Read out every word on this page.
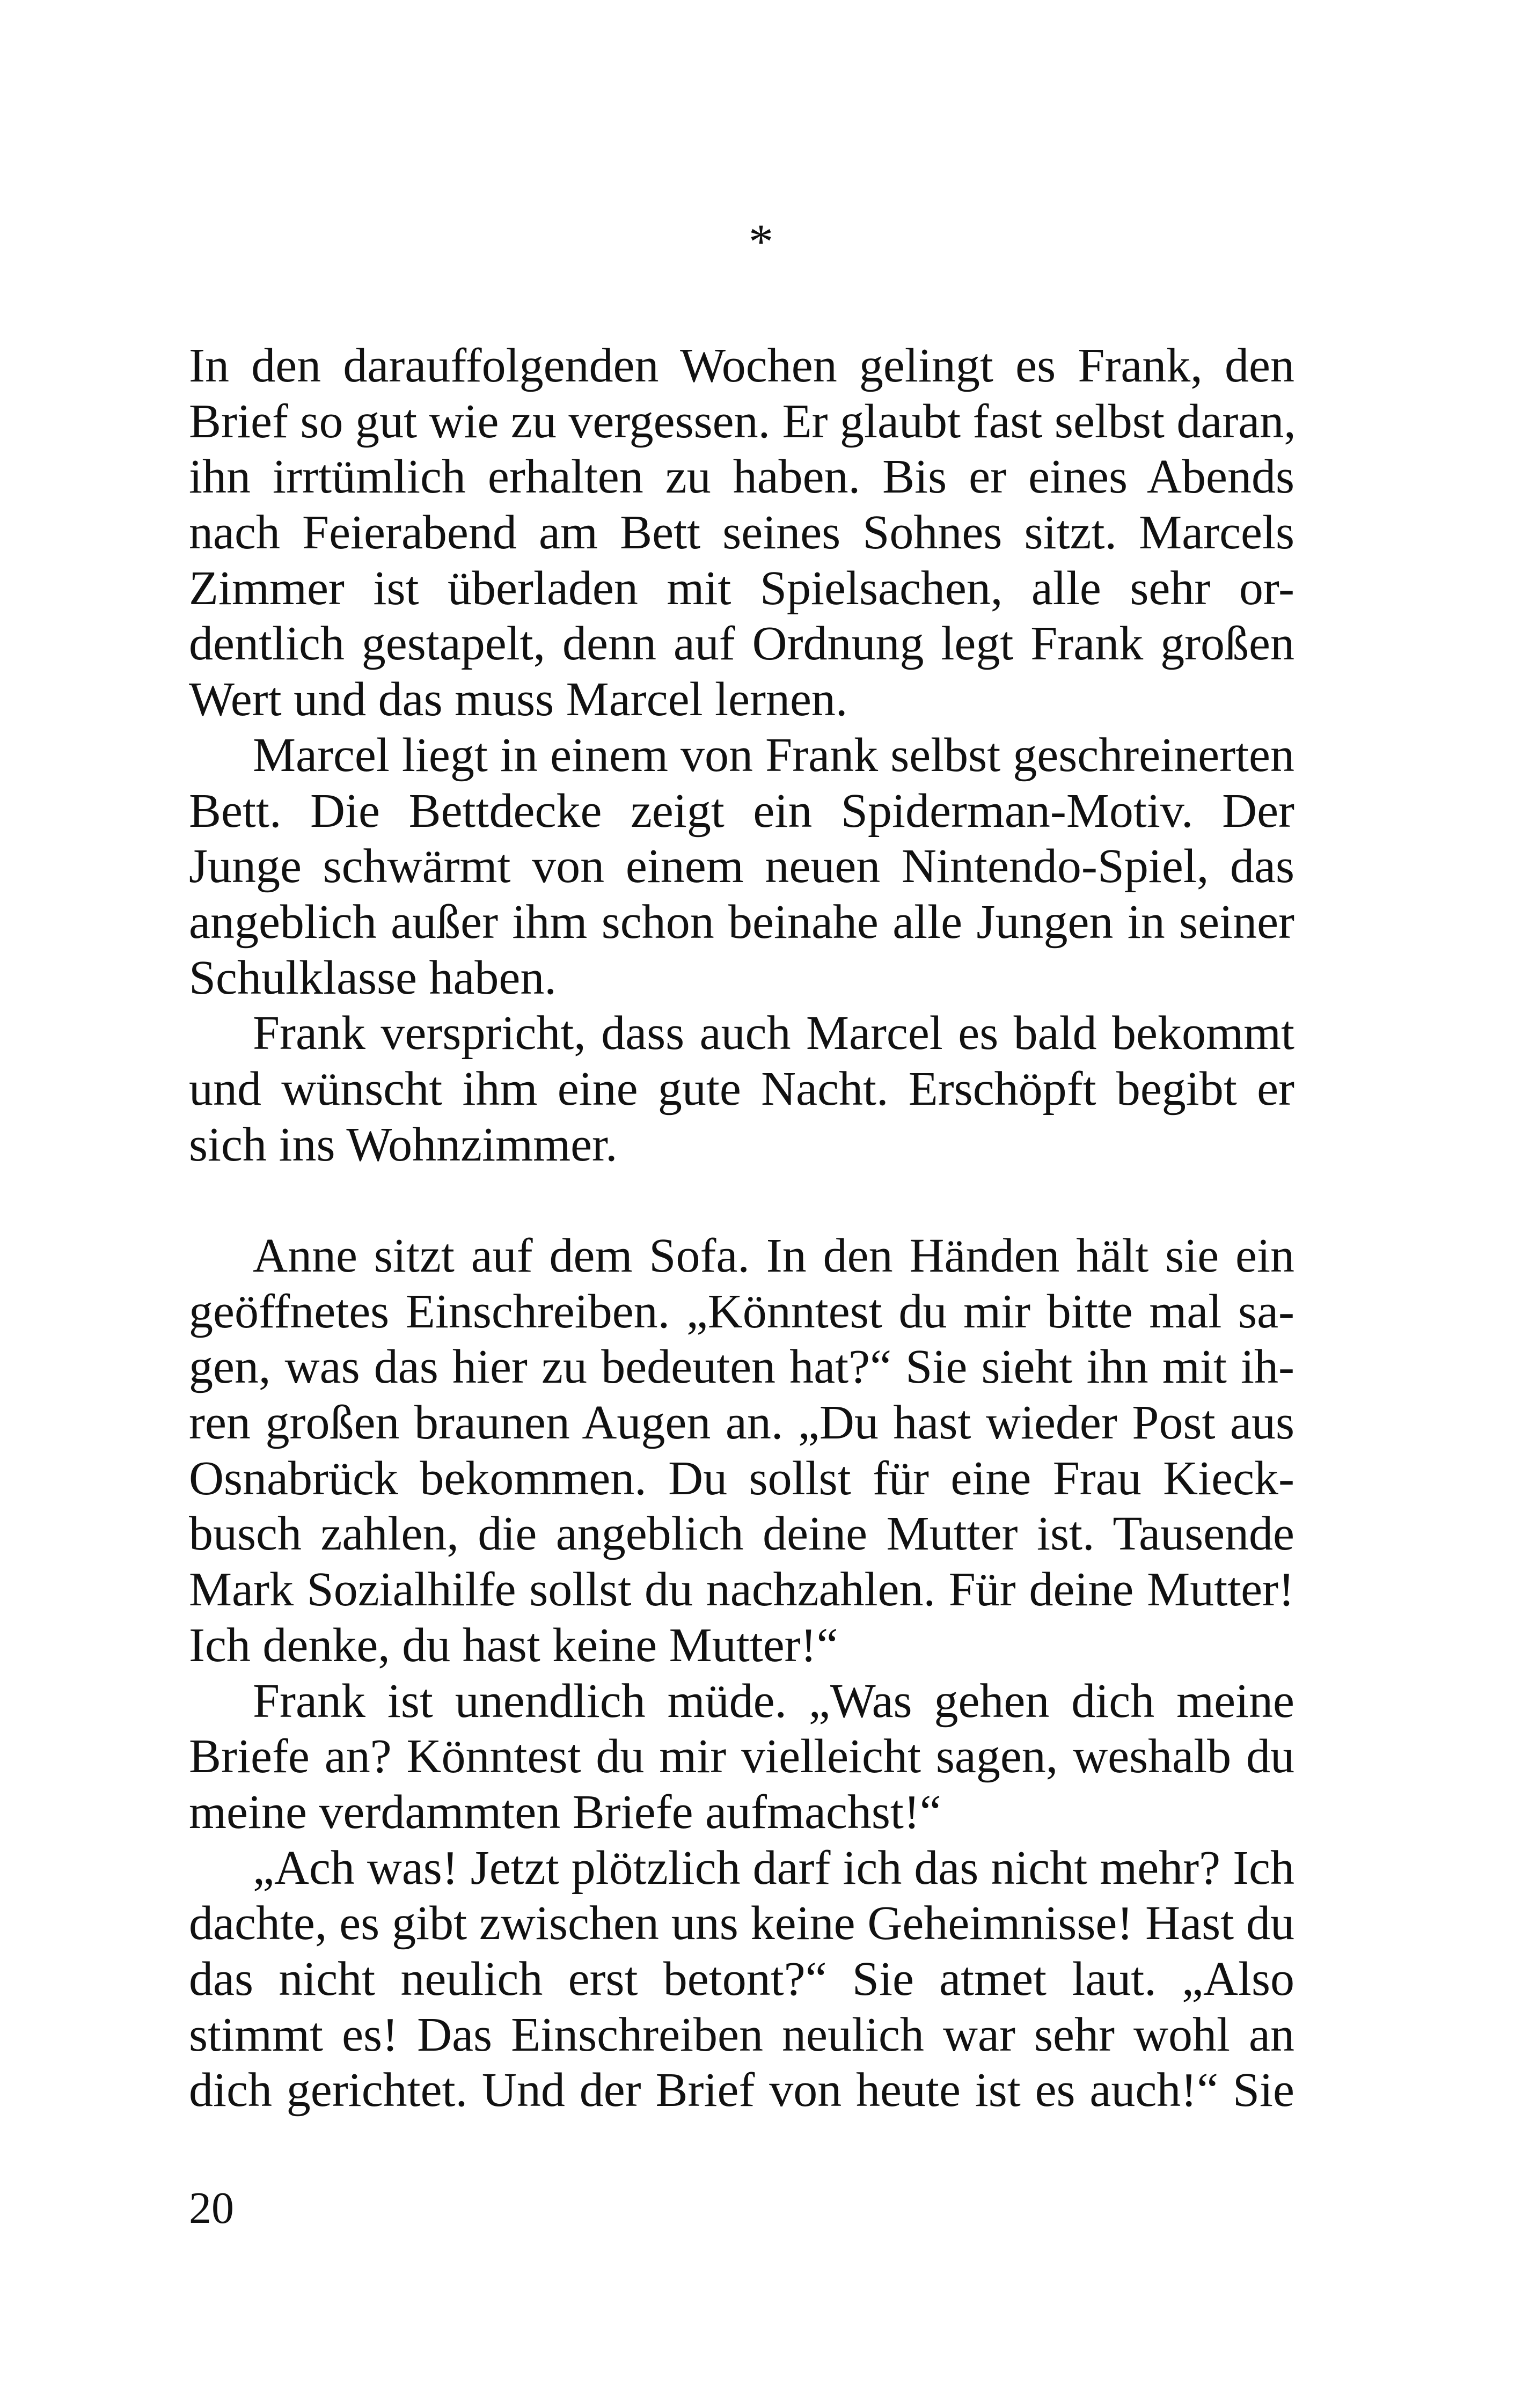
*
In den darauffolgenden Wochen gelingt es Frank, den
Brief so gut wie zu vergessen. Er glaubt fast selbst daran,
ihn irrtümlich erhalten zu haben. Bis er eines Abends
nach Feierabend am Bett seines Sohnes sitzt. Marcels
Zimmer ist überladen mit Spielsachen, alle sehr or-
dentlich gestapelt, denn auf Ordnung legt Frank großen
Wert und das muss Marcel lernen.
Marcel liegt in einem von Frank selbst geschreinerten
Bett. Die Bettdecke zeigt ein Spiderman-Motiv. Der
Junge schwärmt von einem neuen Nintendo-Spiel, das
angeblich außer ihm schon beinahe alle Jungen in seiner
Schulklasse haben.
Frank verspricht, dass auch Marcel es bald bekommt
und wünscht ihm eine gute Nacht. Erschöpft begibt er
sich ins Wohnzimmer.
Anne sitzt auf dem Sofa. In den Händen hält sie ein
geöffnetes Einschreiben. „Könntest du mir bitte mal sa-
gen, was das hier zu bedeuten hat?“ Sie sieht ihn mit ih-
ren großen braunen Augen an. „Du hast wieder Post aus
Osnabrück bekommen. Du sollst für eine Frau Kieck-
busch zahlen, die angeblich deine Mutter ist. Tausende
Mark Sozialhilfe sollst du nachzahlen. Für deine Mutter!
Ich denke, du hast keine Mutter!“
Frank ist unendlich müde. „Was gehen dich meine
Briefe an? Könntest du mir vielleicht sagen, weshalb du
meine verdammten Briefe aufmachst!“
„Ach was! Jetzt plötzlich darf ich das nicht mehr? Ich
dachte, es gibt zwischen uns keine Geheimnisse! Hast du
das nicht neulich erst betont?“ Sie atmet laut. „Also
stimmt es! Das Einschreiben neulich war sehr wohl an
dich gerichtet. Und der Brief von heute ist es auch!“ Sie
20
